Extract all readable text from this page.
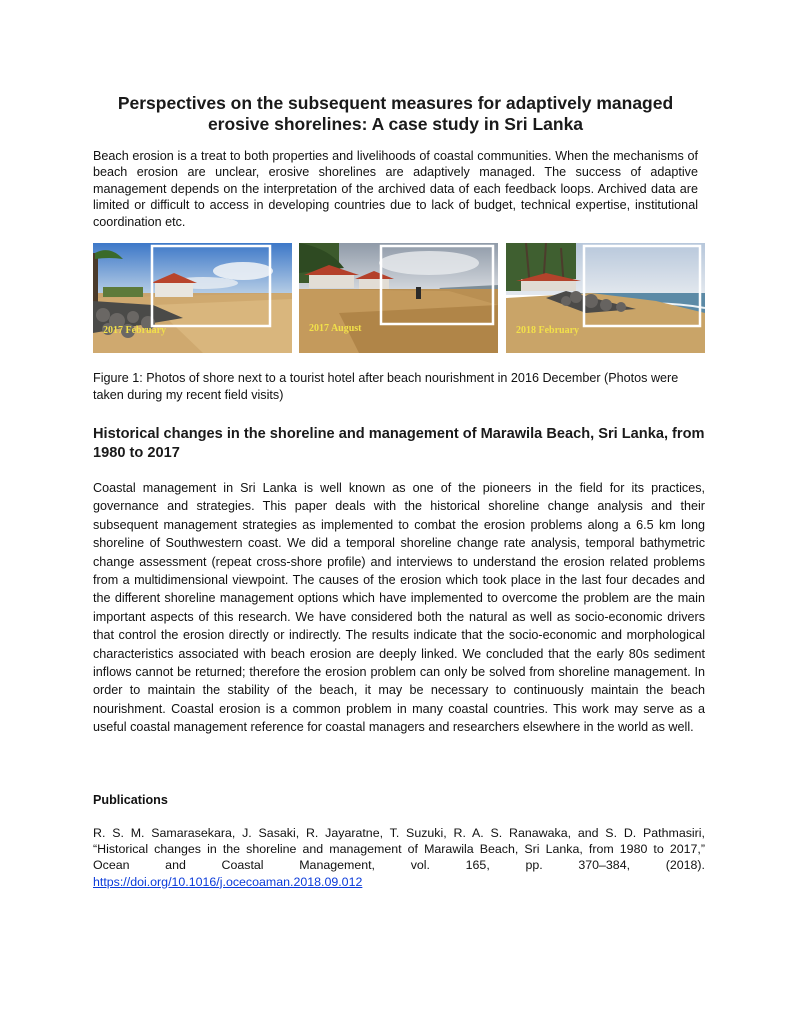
Perspectives on the subsequent measures for adaptively managed erosive shorelines: A case study in Sri Lanka
Beach erosion is a treat to both properties and livelihoods of coastal communities. When the mechanisms of beach erosion are unclear, erosive shorelines are adaptively managed. The success of adaptive management depends on the interpretation of the archived data of each feedback loops. Archived data are limited or difficult to access in developing countries due to lack of budget, technical expertise, institutional coordination etc.
2017 February	2017 August	2018 February
Figure 1: Photos of shore next to a tourist hotel after beach nourishment in 2016 December (Photos were taken during my recent field visits)
Historical changes in the shoreline and management of Marawila Beach, Sri Lanka, from 1980 to 2017
Coastal management in Sri Lanka is well known as one of the pioneers in the field for its practices, governance and strategies. This paper deals with the historical shoreline change analysis and their subsequent management strategies as implemented to combat the erosion problems along a 6.5 km long shoreline of Southwestern coast. We did a temporal shoreline change rate analysis, temporal bathymetric change assessment (repeat cross-shore profile) and interviews to understand the erosion related problems from a multidimensional viewpoint. The causes of the erosion which took place in the last four decades and the different shoreline management options which have implemented to overcome the problem are the main important aspects of this research. We have considered both the natural as well as socio-economic drivers that control the erosion directly or indirectly. The results indicate that the socio-economic and morphological characteristics associated with beach erosion are deeply linked. We concluded that the early 80s sediment inflows cannot be returned; therefore the erosion problem can only be solved from shoreline management. In order to maintain the stability of the beach, it may be necessary to continuously maintain the beach nourishment. Coastal erosion is a common problem in many coastal countries. This work may serve as a useful coastal management reference for coastal managers and researchers elsewhere in the world as well.
Publications
R. S. M. Samarasekara, J. Sasaki, R. Jayaratne, T. Suzuki, R. A. S. Ranawaka, and S. D. Pathmasiri, “Historical changes in the shoreline and management of Marawila Beach, Sri Lanka, from 1980 to 2017,” Ocean and Coastal Management,	vol. 165, pp. 370–384, (2018). https://doi.org/10.1016/j.ocecoaman.2018.09.012
